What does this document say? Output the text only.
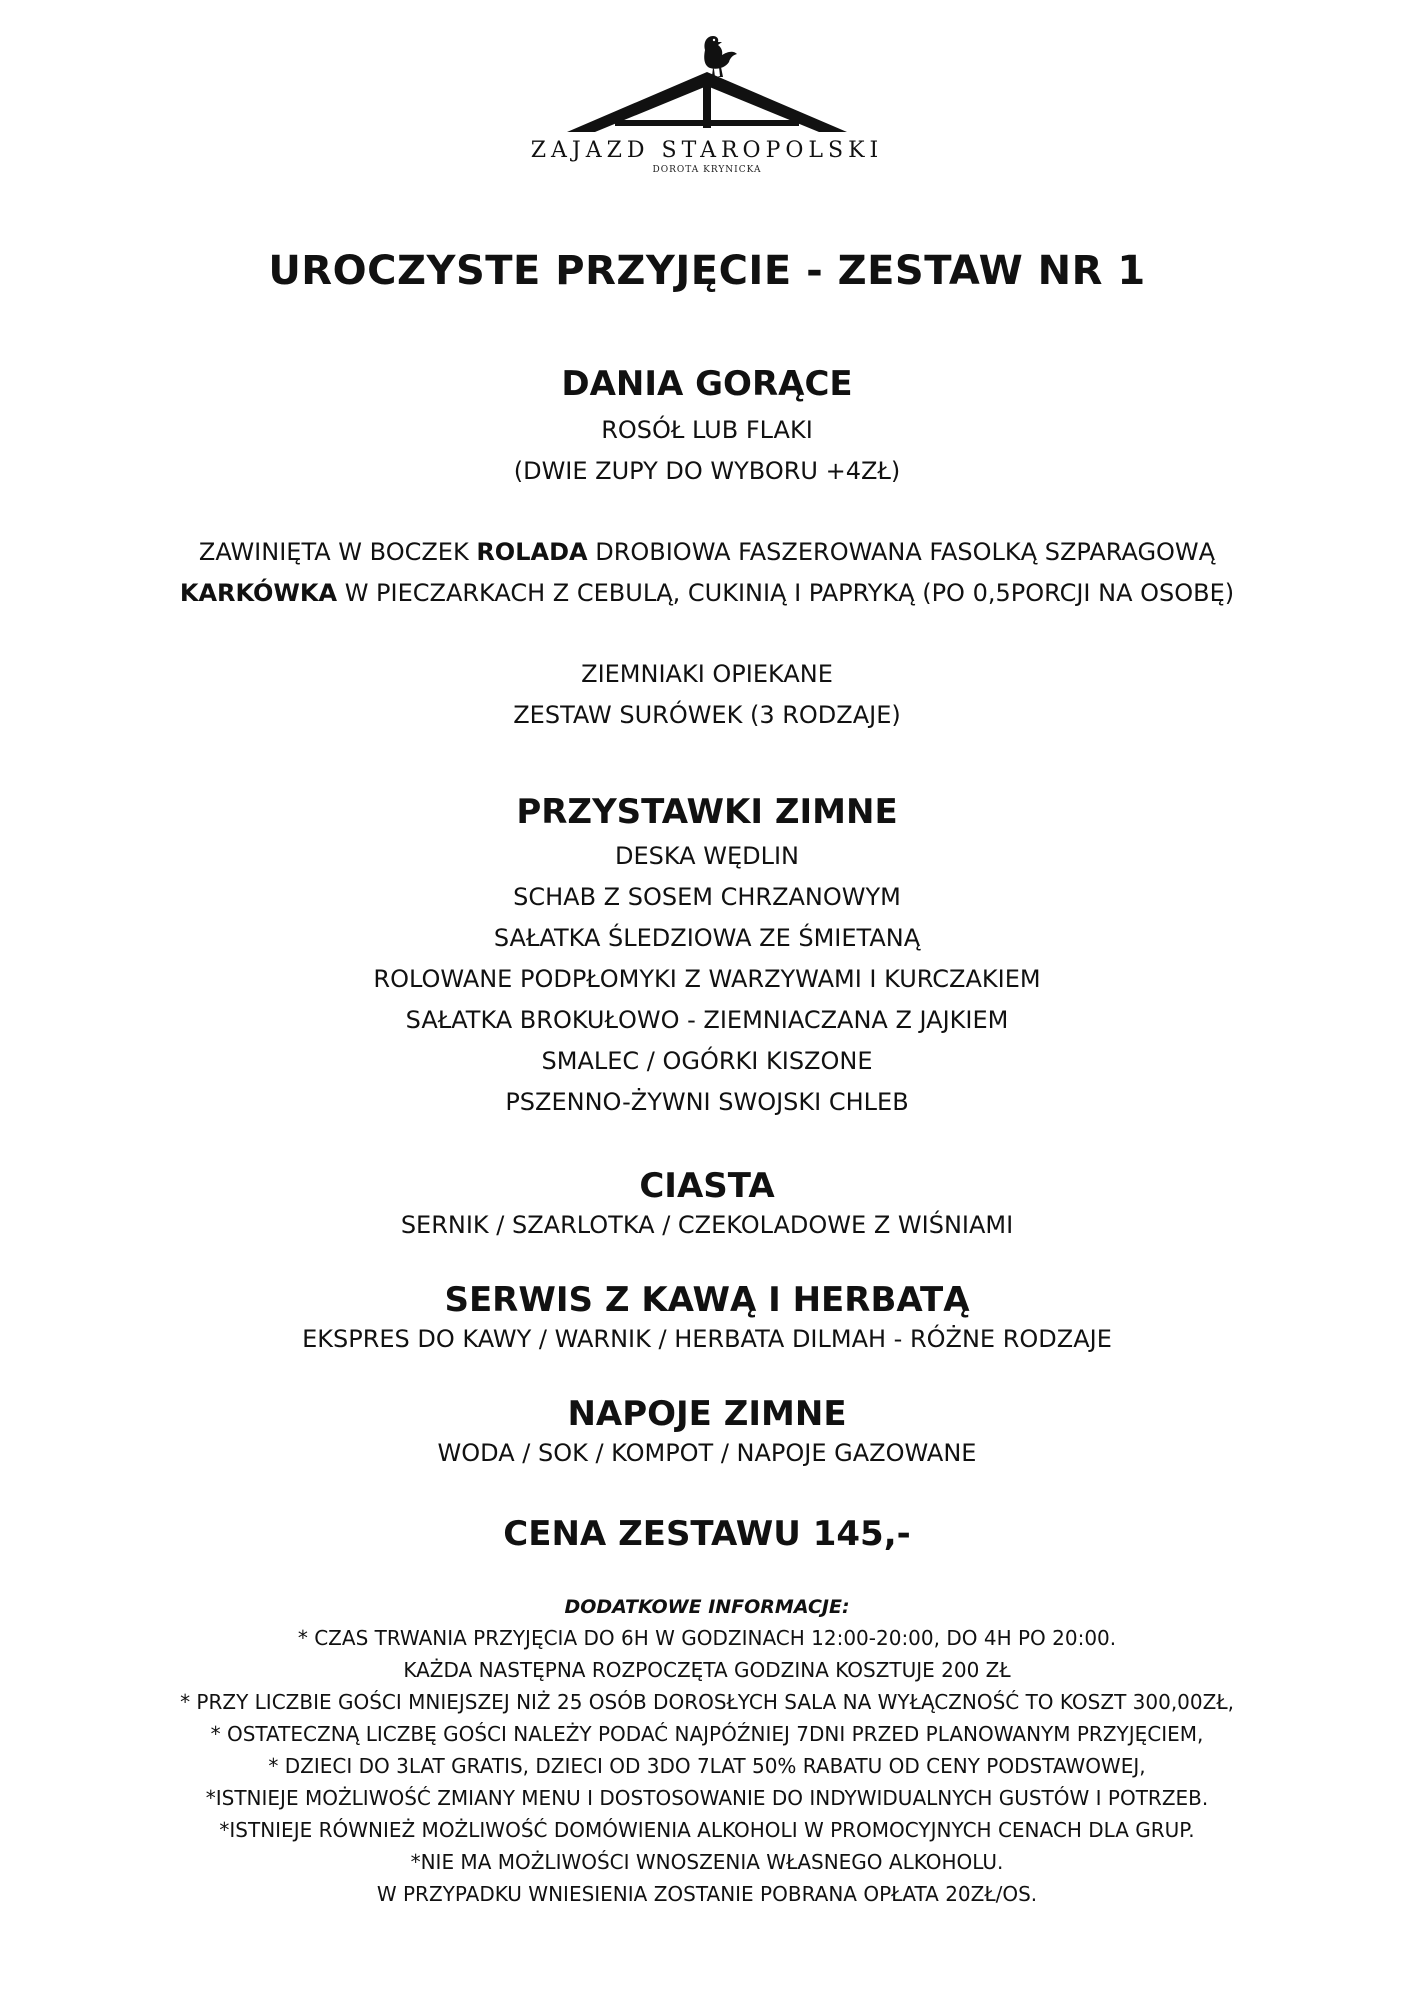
ZAJAZD STAROPOLSKI
DOROTA KRYNICKA
UROCZYSTE PRZYJĘCIE - ZESTAW NR 1
DANIA GORĄCE
ROSÓŁ LUB FLAKI
(DWIE ZUPY DO WYBORU +4ZŁ)
ZAWINIĘTA W BOCZEK ROLADA DROBIOWA FASZEROWANA FASOLKĄ SZPARAGOWĄ
KARKÓWKA W PIECZARKACH Z CEBULĄ, CUKINIĄ I PAPRYKĄ (PO 0,5PORCJI NA OSOBĘ)
ZIEMNIAKI OPIEKANE
ZESTAW SURÓWEK (3 RODZAJE)
PRZYSTAWKI ZIMNE
DESKA WĘDLIN
SCHAB Z SOSEM CHRZANOWYM
SAŁATKA ŚLEDZIOWA ZE ŚMIETANĄ
ROLOWANE PODPŁOMYKI Z WARZYWAMI I KURCZAKIEM
SAŁATKA BROKUŁOWO - ZIEMNIACZANA Z JAJKIEM
SMALEC / OGÓRKI KISZONE
PSZENNO-ŻYWNI SWOJSKI CHLEB
CIASTA
SERNIK / SZARLOTKA / CZEKOLADOWE Z WIŚNIAMI
SERWIS Z KAWĄ I HERBATĄ
EKSPRES DO KAWY / WARNIK / HERBATA DILMAH - RÓŻNE RODZAJE
NAPOJE ZIMNE
WODA / SOK / KOMPOT / NAPOJE GAZOWANE
CENA ZESTAWU 145,-
DODATKOWE INFORMACJE:
* CZAS TRWANIA PRZYJĘCIA DO 6H W GODZINACH 12:00-20:00, DO 4H PO 20:00.
KAŻDA NASTĘPNA ROZPOCZĘTA GODZINA KOSZTUJE 200 ZŁ
* PRZY LICZBIE GOŚCI MNIEJSZEJ NIŻ 25 OSÓB DOROSŁYCH SALA NA WYŁĄCZNOŚĆ TO KOSZT 300,00ZŁ,
* OSTATECZNĄ LICZBĘ GOŚCI NALEŻY PODAĆ NAJPÓŹNIEJ 7DNI PRZED PLANOWANYM PRZYJĘCIEM,
* DZIECI DO 3LAT GRATIS, DZIECI OD 3DO 7LAT 50% RABATU OD CENY PODSTAWOWEJ,
*ISTNIEJE MOŻLIWOŚĆ ZMIANY MENU I DOSTOSOWANIE DO INDYWIDUALNYCH GUSTÓW I POTRZEB.
*ISTNIEJE RÓWNIEŻ MOŻLIWOŚĆ DOMÓWIENIA ALKOHOLI W PROMOCYJNYCH CENACH DLA GRUP.
*NIE MA MOŻLIWOŚCI WNOSZENIA WŁASNEGO ALKOHOLU.
W PRZYPADKU WNIESIENIA ZOSTANIE POBRANA OPŁATA 20ZŁ/OS.
